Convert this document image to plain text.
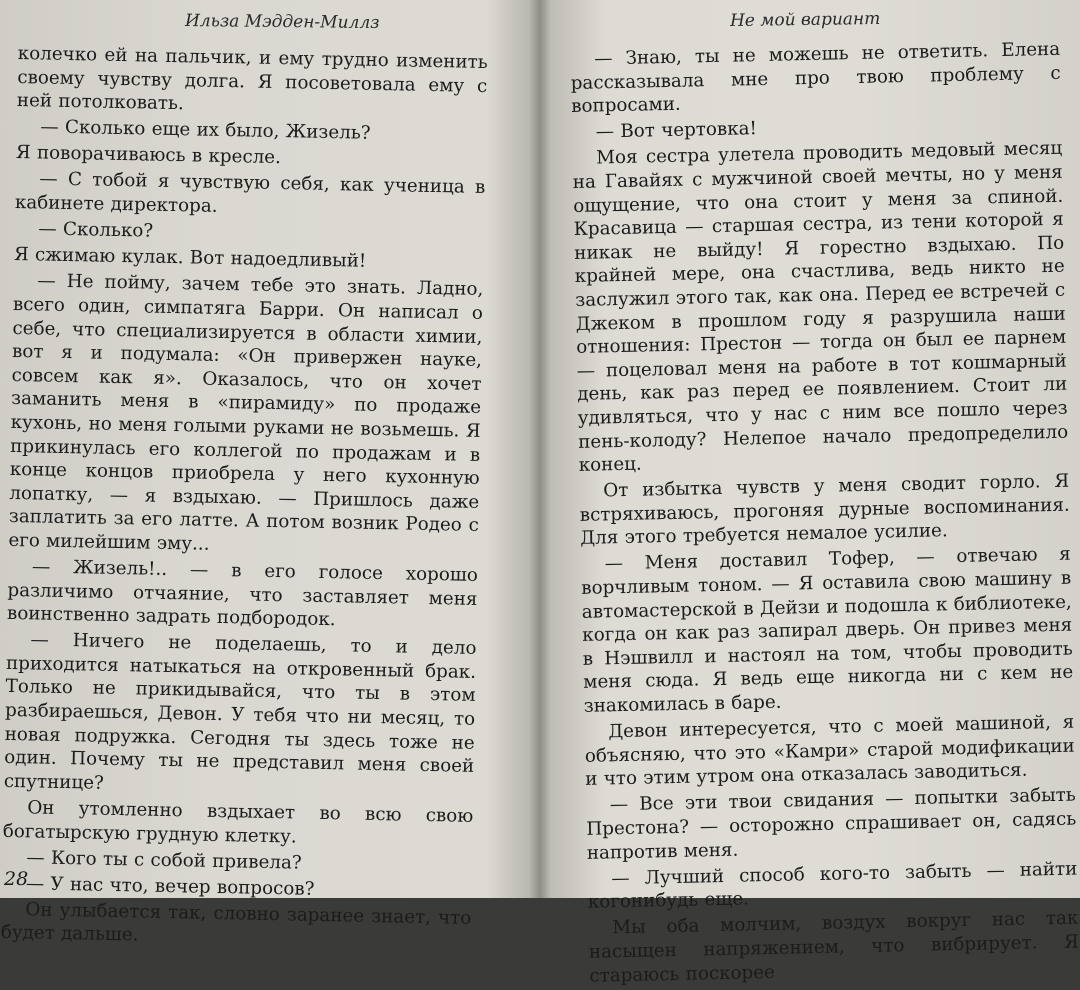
Ильза Мэдден-Миллз

колечко ей на пальчик, и ему трудно изменить своему чувству долга. Я посоветовала ему с ней потолковать.

— Сколько еще их было, Жизель?

Я поворачиваюсь в кресле.

— С тобой я чувствую себя, как ученица в кабинете директора.

— Сколько?

Я сжимаю кулак. Вот надоедливый!

— Не пойму, зачем тебе это знать. Ладно, всего один, симпатяга Барри. Он написал о себе, что специализируется в области химии, вот я и подумала: «Он привержен науке, совсем как я». Оказалось, что он хочет заманить меня в «пирамиду» по продаже кухонь, но меня голыми руками не возьмешь. Я прикинулась его коллегой по продажам и в конце концов приобрела у него кухонную лопатку, — я вздыхаю. — Пришлось даже заплатить за его латте. А потом возник Родео с его милейшим эму...

— Жизель!.. — в его голосе хорошо различимо отчаяние, что заставляет меня воинственно задрать подбородок.

— Ничего не поделаешь, то и дело приходится натыкаться на откровенный брак. Только не прикидывайся, что ты в этом разбираешься, Девон. У тебя что ни месяц, то новая подружка. Сегодня ты здесь тоже не один. Почему ты не представил меня своей спутнице?

Он утомленно вздыхает во всю свою богатырскую грудную клетку.

— Кого ты с собой привела?

— У нас что, вечер вопросов?

Он улыбается так, словно заранее знает, что будет дальше.

28
Не мой вариант

— Знаю, ты не можешь не ответить. Елена рассказывала мне про твою проблему с вопросами.

— Вот чертовка!

Моя сестра улетела проводить медовый месяц на Гавайях с мужчиной своей мечты, но у меня ощущение, что она стоит у меня за спиной. Красавица — старшая сестра, из тени которой я никак не выйду! Я горестно вздыхаю. По крайней мере, она счастлива, ведь никто не заслужил этого так, как она. Перед ее встречей с Джеком в прошлом году я разрушила наши отношения: Престон — тогда он был ее парнем — поцеловал меня на работе в тот кошмарный день, как раз перед ее появлением. Стоит ли удивляться, что у нас с ним все пошло через пень-колоду? Нелепое начало предопределило конец.

От избытка чувств у меня сводит горло. Я встряхиваюсь, прогоняя дурные воспоминания. Для этого требуется немалое усилие.

— Меня доставил Тофер, — отвечаю я ворчливым тоном. — Я оставила свою машину в автомастерской в Дейзи и подошла к библиотеке, когда он как раз запирал дверь. Он привез меня в Нэшвилл и настоял на том, чтобы проводить меня сюда. Я ведь еще никогда ни с кем не знакомилась в баре.

Девон интересуется, что с моей машиной, я объясняю, что это «Камри» старой модификации и что этим утром она отказалась заводиться.

— Все эти твои свидания — попытки забыть Престона? — осторожно спрашивает он, садясь напротив меня.

— Лучший способ кого-то забыть — найти когонибудь еще.

Мы оба молчим, воздух вокруг нас так насыщен напряжением, что вибрирует. Я стараюсь поскорее
